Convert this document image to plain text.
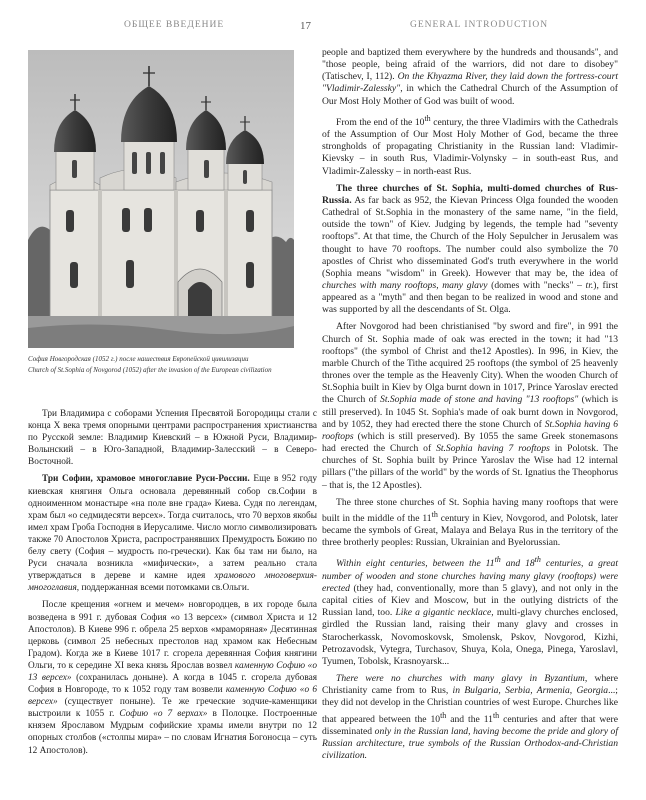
ОБЩЕЕ ВВЕДЕНИЕ	17	GENERAL INTRODUCTION
София Новгородская (1052 г.) после нашествия Европейской цивилизации
Church of St.Sophia of Novgorod (1052) after the invasion of the European civilization

Три Владимира с соборами Успения Пресвятой Богородицы стали с конца X века тремя опорными центрами распространения христианства по Русской земле: Владимир Киевский – в Южной Руси, Владимир-Волынский – в Юго-Западной, Владимир-Залесский – в Северо-Восточной.

Три Софии, храмовое многоглавие Руси-России. Еще в 952 году киевская княгиня Ольга основала деревянный собор св.Софии в одноименном монастыре «на поле вне града» Киева. Судя по легендам, храм был «о седмидесяти версех». Тогда считалось, что 70 верхов якобы имел храм Гроба Господня в Иерусалиме. Число могло символизировать также 70 Апостолов Христа, распространявших Премудрость Божию по белу свету (София – мудрость по-гречески). Как бы там ни было, на Руси сначала возникла «мифически», а затем реально стала утверждаться в дереве и камне идея храмового многоверхия-многоглавия, поддержанная всеми потомками св.Ольги.

После крещения «огнем и мечем» новгородцев, в их городе была возведена в 991 г. дубовая София «о 13 версех» (символ Христа и 12 Апостолов). В Киеве 996 г. обрела 25 верхов «мраморяная» Десятинная церковь (символ 25 небесных престолов над храмом как Небесным Градом). Когда же в Киеве 1017 г. сгорела деревянная София княгини Ольги, то к середине XI века князь Ярослав возвел каменную Софию «о 13 версех» (сохранилась доныне). А когда в 1045 г. сгорела дубовая София в Новгороде, то к 1052 году там возвели каменную Софию «о 6 версех» (существует поныне). Те же греческие зодчие-каменщики выстроили к 1055 г. Софию «о 7 верхах» в Полоцке. Построенные князем Ярославом Мудрым софийские храмы имели внутри по 12 опорных столбов («столпы мира» – по словам Игнатия Богоносца – суть 12 Апостолов).

people and baptized them everywhere by the hundreds and thousands", and "those people, being afraid of the warriors, did not dare to disobey" (Tatischev, I, 112). On the Khyazma River, they laid down the fortress-court "Vladimir-Zalessky", in which the Cathedral Church of the Assumption of Our Most Holy Mother of God was built of wood.

From the end of the 10th century, the three Vladimirs with the Cathedrals of the Assumption of Our Most Holy Mother of God, became the three strongholds of propagating Christianity in the Russian land: Vladimir-Kievsky – in south Rus, Vladimir-Volynsky – in south-east Rus, and Vladimir-Zalessky – in north-east Rus.

The three churches of St. Sophia, multi-domed churches of Rus-Russia. As far back as 952, the Kievan Princess Olga founded the wooden Cathedral of St.Sophia in the monastery of the same name, "in the field, outside the town" of Kiev. Judging by legends, the temple had "seventy rooftops". At that time, the Church of the Holy Sepulcher in Jerusalem was thought to have 70 rooftops. The number could also symbolize the 70 apostles of Christ who disseminated God's truth everywhere in the world (Sophia means "wisdom" in Greek). However that may be, the idea of churches with many rooftops, many glavy (domes with "necks" – tr.), first appeared as a "myth" and then began to be realized in wood and stone and was supported by all the descendants of St. Olga.

After Novgorod had been christianised "by sword and fire", in 991 the Church of St. Sophia made of oak was erected in the town; it had "13 rooftops" (the symbol of Christ and the12 Apostles). In 996, in Kiev, the marble Church of the Tithe acquired 25 rooftops (the symbol of 25 heavenly thrones over the temple as the Heavenly City). When the wooden Church of St.Sophia built in Kiev by Olga burnt down in 1017, Prince Yaroslav erected the Church of St.Sophia made of stone and having "13 rooftops" (which is still preserved). In 1045 St. Sophia's made of oak burnt down in Novgorod, and by 1052, they had erected there the stone Church of St.Sophia having 6 rooftops (which is still preserved). By 1055 the same Greek stonemasons had erected the Church of St.Sophia having 7 rooftops in Polotsk. The churches of St. Sophia built by Prince Yaroslav the Wise had 12 internal pillars ("the pillars of the world" by the words of St. Ignatius the Theophorus – that is, the 12 Apostles).

The three stone churches of St. Sophia having many rooftops that were built in the middle of the 11th century in Kiev, Novgorod, and Polotsk, later became the symbols of Great, Malaya and Belaya Rus in the territory of the three brotherly peoples: Russian, Ukrainian and Byelorussian.

Within eight centuries, between the 11th and 18th centuries, a great number of wooden and stone churches having many glavy (rooftops) were erected (they had, conventionally, more than 5 glavy), and not only in the capital cities of Kiev and Moscow, but in the outlying districts of the Russian land, too. Like a gigantic necklace, multi-glavy churches enclosed, girdled the Russian land, raising their many glavy and crosses in Starocherkassk, Novomoskovsk, Smolensk, Pskov, Novgorod, Kizhi, Petrozavodsk, Vytegra, Turchasov, Shuya, Kola, Onega, Pinega, Yaroslavl, Tyumen, Tobolsk, Krasnoyarsk...

There were no churches with many glavy in Byzantium, where Christianity came from to Rus, in Bulgaria, Serbia, Armenia, Georgia...; they did not develop in the Christian countries of west Europe. Churches like that appeared between the 10th and the 11th centuries and after that were disseminated only in the Russian land, having become the pride and glory of Russian architecture, true symbols of the Russian Orthodox-and-Christian civilization.
